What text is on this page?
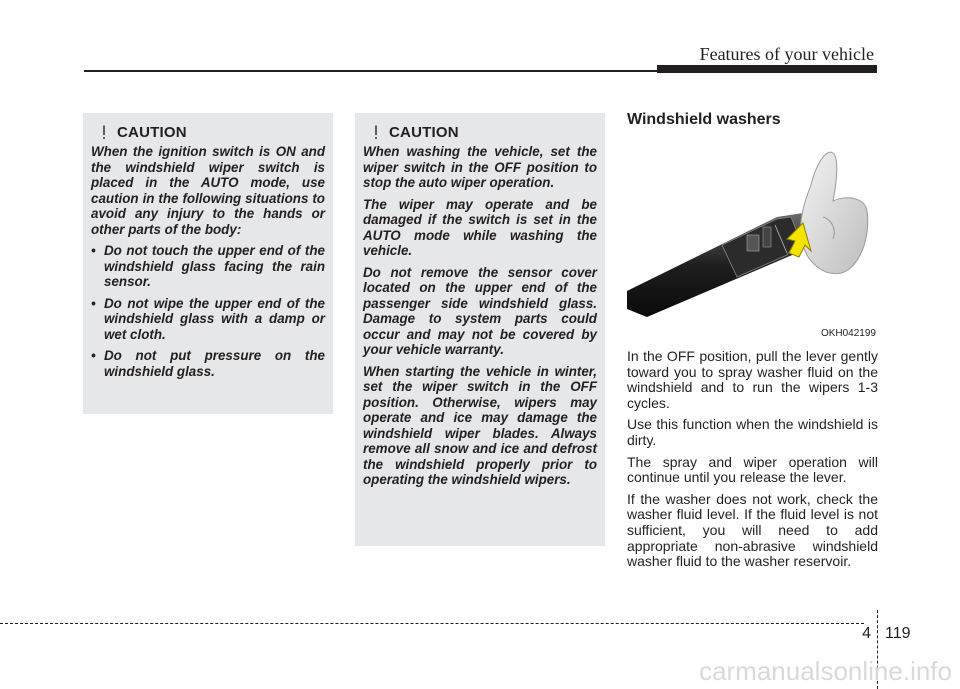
Features of your vehicle
CAUTION

When the ignition switch is ON and the windshield wiper switch is placed in the AUTO mode, use caution in the following situations to avoid any injury to the hands or other parts of the body:

• Do not touch the upper end of the windshield glass facing the rain sensor.
• Do not wipe the upper end of the windshield glass with a damp or wet cloth.
• Do not put pressure on the windshield glass.
CAUTION

When washing the vehicle, set the wiper switch in the OFF position to stop the auto wiper operation.

The wiper may operate and be damaged if the switch is set in the AUTO mode while washing the vehicle.

Do not remove the sensor cover located on the upper end of the passenger side windshield glass. Damage to system parts could occur and may not be covered by your vehicle warranty.

When starting the vehicle in winter, set the wiper switch in the OFF position. Otherwise, wipers may operate and ice may damage the windshield wiper blades. Always remove all snow and ice and defrost the windshield properly prior to operating the windshield wipers.

Windshield washers
OKH042199

In the OFF position, pull the lever gently toward you to spray washer fluid on the windshield and to run the wipers 1-3 cycles.

Use this function when the windshield is dirty.

The spray and wiper operation will continue until you release the lever.

If the washer does not work, check the washer fluid level. If the fluid level is not sufficient, you will need to add appropriate non-abrasive windshield washer fluid to the washer reservoir.

4 119
carmanualsonline.info
